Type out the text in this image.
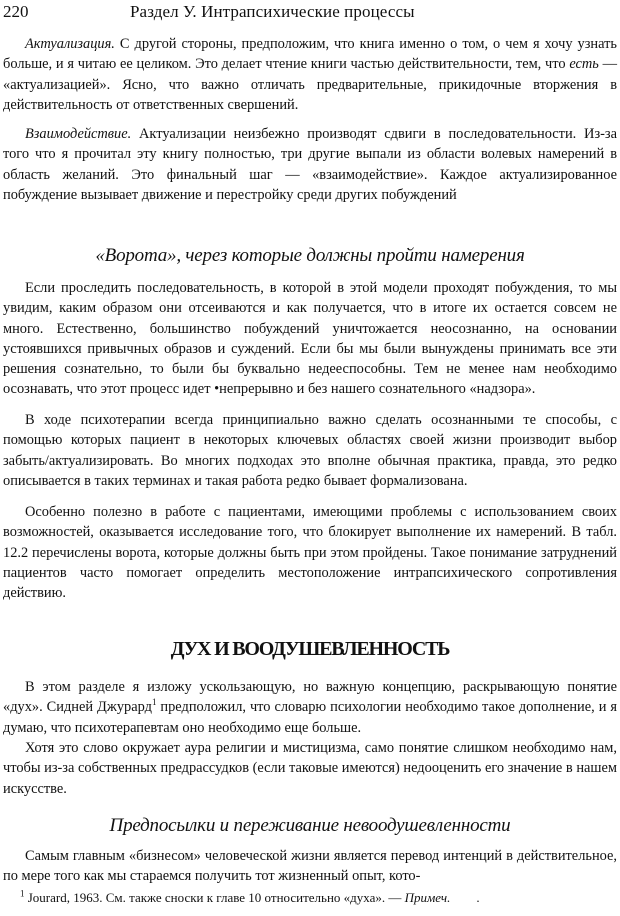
220	Раздел У. Интрапсихические процессы

Актуализация. С другой стороны, предположим, что книга именно о том, о чем я хочу узнать больше, и я читаю ее целиком. Это делает чтение книги частью действительности, тем, что есть — «актуализацией». Ясно, что важно отличать предварительные, прикидочные вторжения в действительность от ответственных свершений.

Взаимодействие. Актуализации неизбежно производят сдвиги в последовательности. Из-за того что я прочитал эту книгу полностью, три другие выпали из области волевых намерений в область желаний. Это финальный шаг — «взаимодействие». Каждое актуализированное побуждение вызывает движение и перестройку среди других побуждений

«Ворота», через которые должны пройти намерения

Если проследить последовательность, в которой в этой модели проходят побуждения, то мы увидим, каким образом они отсеиваются и как получается, что в итоге их остается совсем не много. Естественно, большинство побуждений уничтожается неосознанно, на основании устоявшихся привычных образов и суждений. Если бы мы были вынуждены принимать все эти решения сознательно, то были бы буквально недееспособны. Тем не менее нам необходимо осознавать, что этот процесс идет •непрерывно и без нашего сознательного «надзора».

В ходе психотерапии всегда принципиально важно сделать осознанными те способы, с помощью которых пациент в некоторых ключевых областях своей жизни производит выбор забыть/актуализировать. Во многих подходах это вполне обычная практика, правда, это редко описывается в таких терминах и такая работа редко бывает формализована.

Особенно полезно в работе с пациентами, имеющими проблемы с использованием своих возможностей, оказывается исследование того, что блокирует выполнение их намерений. В табл. 12.2 перечислены ворота, которые должны быть при этом пройдены. Такое понимание затруднений пациентов часто помогает определить местоположение интрапсихического сопротивления действию.

ДУХ И ВООДУШЕВЛЕННОСТЬ

В этом разделе я изложу ускользающую, но важную концепцию, раскрывающую понятие «дух». Сидней Джурард$^1$ предположил, что словарю психологии необходимо такое дополнение, и я думаю, что психотерапевтам оно необходимо еще больше.

Хотя это слово окружает аура религии и мистицизма, само понятие слишком необходимо нам, чтобы из-за собственных предрассудков (если таковые имеются) недооценить его значение в нашем искусстве.

Предпосылки и переживание невоодушевленности

Самым главным «бизнесом» человеческой жизни является перевод интенций в действительное, по мере того как мы стараемся получить тот жизненный опыт, кото-

$^1$ Jourard, 1963. См. также сноски к главе 10 относительно «духа». — Примеч.        .
